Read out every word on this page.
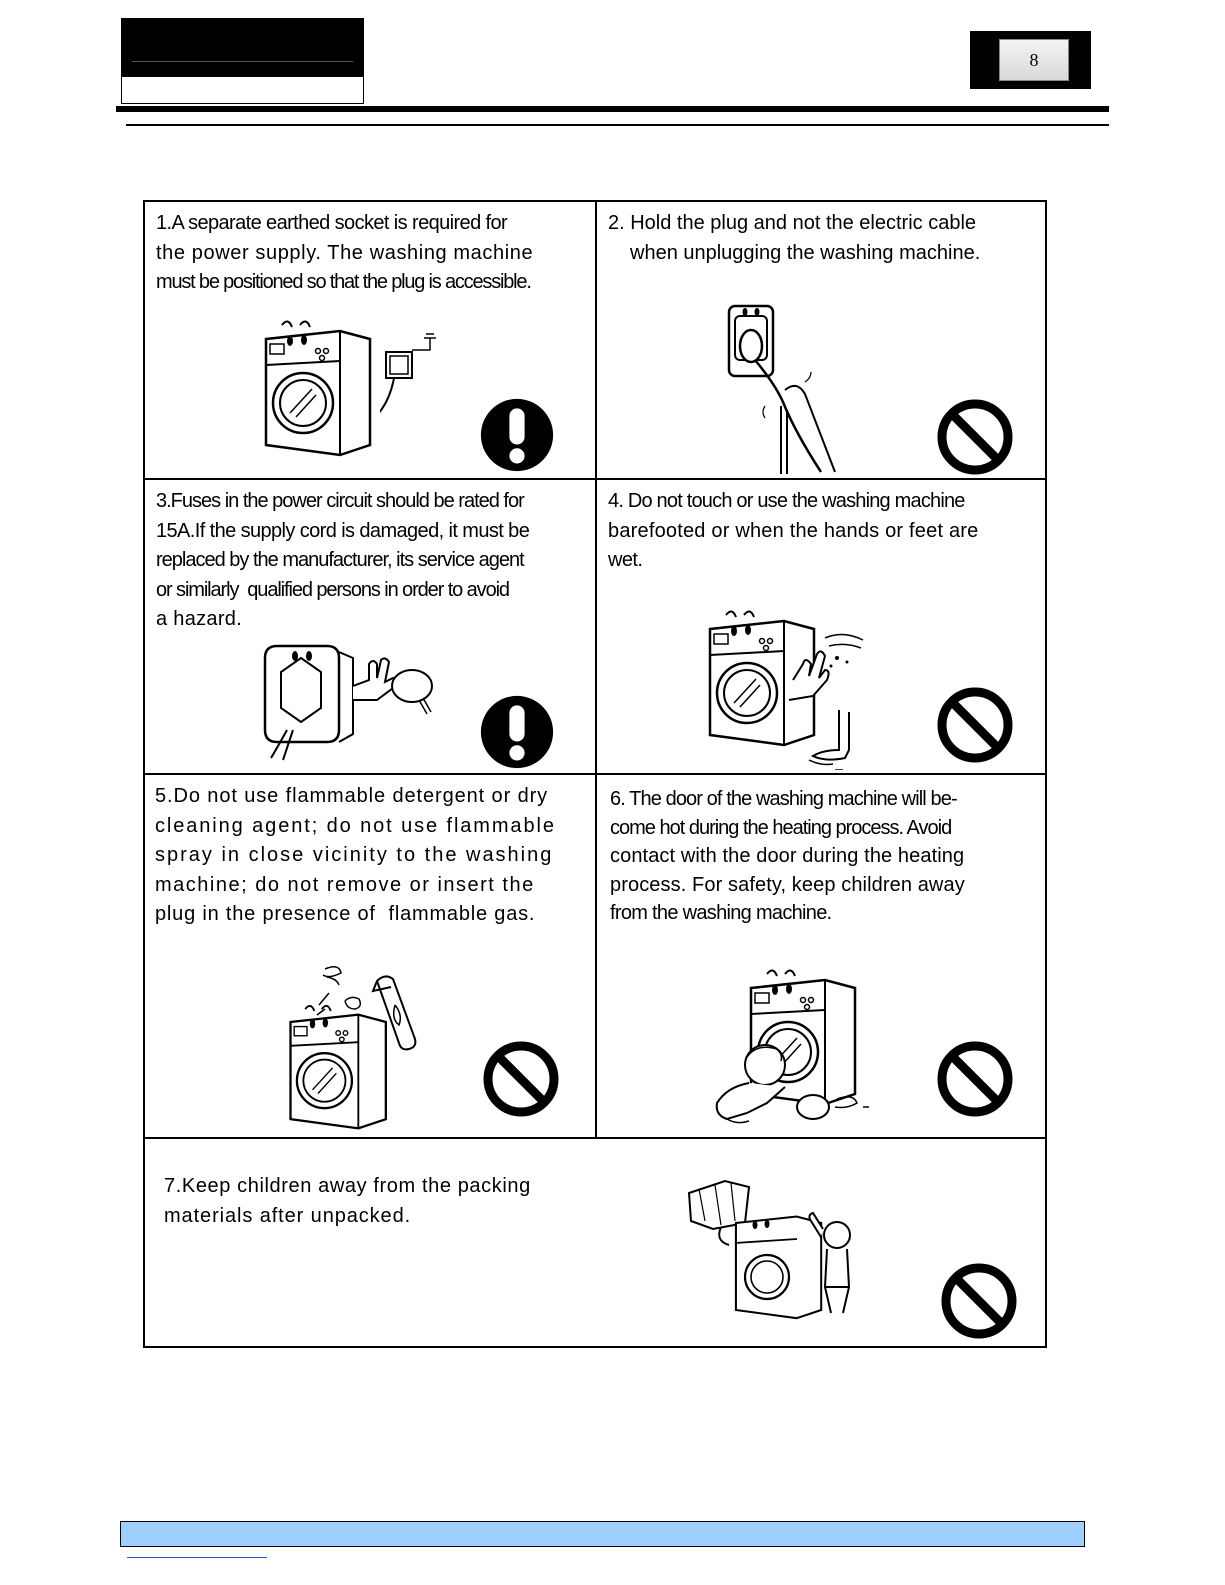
8
1.A separate earthed socket is required for
the power supply. The washing machine
must be positioned so that the plug is accessible.
2. Hold the plug and not the electric cable
when unplugging the washing machine.
3.Fuses in the power circuit should be rated for
15A.If the supply cord is damaged, it must be
replaced by the manufacturer, its service agent
or similarly  qualified persons in order to avoid
a hazard.
4. Do not touch or use the washing machine
barefooted or when the hands or feet are
wet.
5.Do not use flammable detergent or dry
cleaning agent; do not use flammable
spray in close vicinity to the washing
machine; do not remove or insert the
plug in the presence of  flammable gas.
6. The door of the washing machine will be-
come hot during the heating process. Avoid
contact with the door during the heating
process. For safety, keep children away
from the washing machine.
7.Keep children away from the packing
materials after unpacked.
